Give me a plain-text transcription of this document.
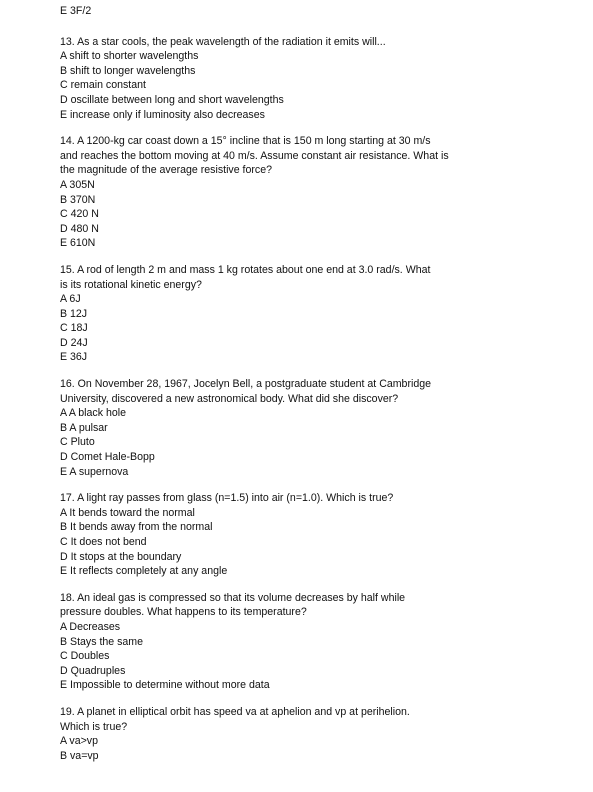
E 3F/2
13. As a star cools, the peak wavelength of the radiation it emits will...
A shift to shorter wavelengths
B shift to longer wavelengths
C remain constant
D oscillate between long and short wavelengths
E increase only if luminosity also decreases
14. A 1200-kg car coast down a 15° incline that is 150 m long starting at 30 m/s
and reaches the bottom moving at 40 m/s. Assume constant air resistance. What is
the magnitude of the average resistive force?
A 305N
B 370N
C 420 N
D 480 N
E 610N
15. A rod of length 2 m and mass 1 kg rotates about one end at 3.0 rad/s. What
is its rotational kinetic energy?
A 6J
B 12J
C 18J
D 24J
E 36J
16. On November 28, 1967, Jocelyn Bell, a postgraduate student at Cambridge
University, discovered a new astronomical body. What did she discover?
A A black hole
B A pulsar
C Pluto
D Comet Hale-Bopp
E A supernova
17. A light ray passes from glass (n=1.5) into air (n=1.0). Which is true?
A It bends toward the normal
B It bends away from the normal
C It does not bend
D It stops at the boundary
E It reflects completely at any angle
18. An ideal gas is compressed so that its volume decreases by half while
pressure doubles. What happens to its temperature?
A Decreases
B Stays the same
C Doubles
D Quadruples
E Impossible to determine without more data
19. A planet in elliptical orbit has speed va at aphelion and vp at perihelion.
Which is true?
A va>vp
B va=vp
